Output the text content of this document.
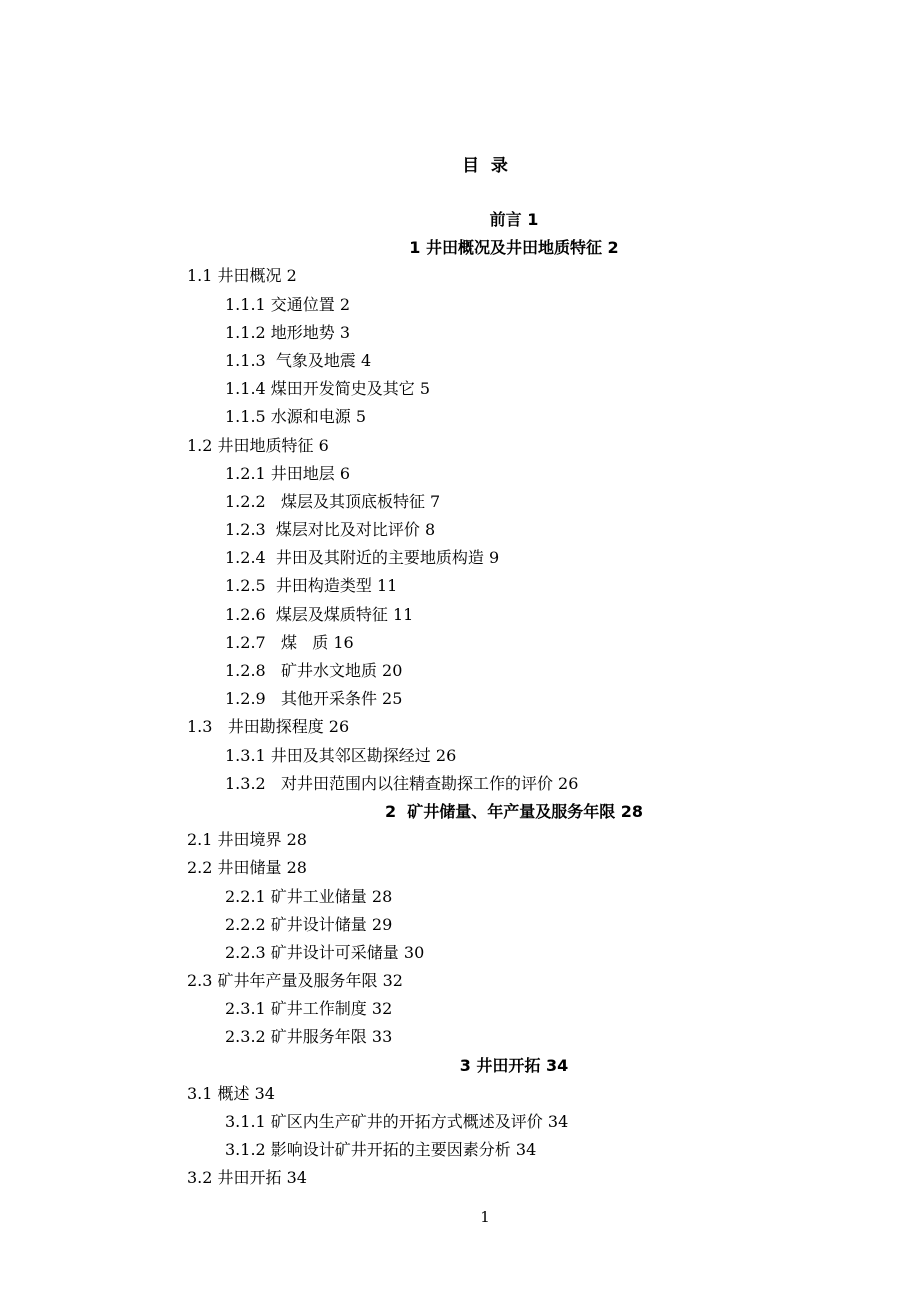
目  录
前言 1
1 井田概况及井田地质特征 2
1.1 井田概况 2
1.1.1 交通位置 2
1.1.2 地形地势 3
1.1.3  气象及地震 4
1.1.4 煤田开发简史及其它 5
1.1.5 水源和电源 5
1.2 井田地质特征 6
1.2.1 井田地层 6
1.2.2   煤层及其顶底板特征 7
1.2.3  煤层对比及对比评价 8
1.2.4  井田及其附近的主要地质构造 9
1.2.5  井田构造类型 11
1.2.6  煤层及煤质特征 11
1.2.7   煤   质 16
1.2.8   矿井水文地质 20
1.2.9   其他开采条件 25
1.3   井田勘探程度 26
1.3.1 井田及其邻区勘探经过 26
1.3.2   对井田范围内以往精查勘探工作的评价 26
2  矿井储量、年产量及服务年限 28
2.1 井田境界 28
2.2 井田储量 28
2.2.1 矿井工业储量 28
2.2.2 矿井设计储量 29
2.2.3 矿井设计可采储量 30
2.3 矿井年产量及服务年限 32
2.3.1 矿井工作制度 32
2.3.2 矿井服务年限 33
3 井田开拓 34
3.1 概述 34
3.1.1 矿区内生产矿井的开拓方式概述及评价 34
3.1.2 影响设计矿井开拓的主要因素分析 34
3.2 井田开拓 34
1
